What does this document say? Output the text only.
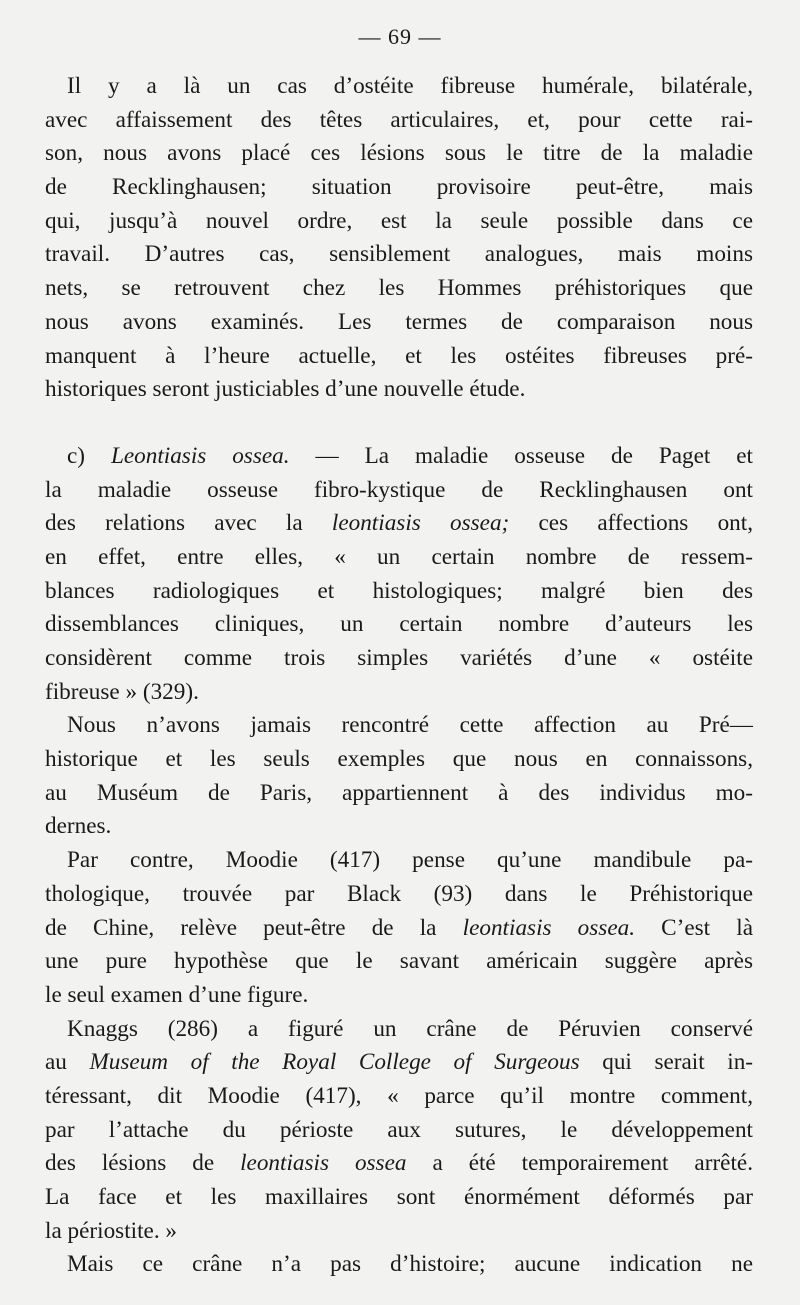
— 69 —
Il y a là un cas d’ostéite fibreuse humérale, bilatérale,
avec affaissement des têtes articulaires, et, pour cette rai-
son, nous avons placé ces lésions sous le titre de la maladie
de Recklinghausen; situation provisoire peut-être, mais
qui, jusqu’à nouvel ordre, est la seule possible dans ce
travail. D’autres cas, sensiblement analogues, mais moins
nets, se retrouvent chez les Hommes préhistoriques que
nous avons examinés. Les termes de comparaison nous
manquent à l’heure actuelle, et les ostéites fibreuses pré-
historiques seront justiciables d’une nouvelle étude.
c) Leontiasis ossea. — La maladie osseuse de Paget et
la maladie osseuse fibro-kystique de Recklinghausen ont
des relations avec la leontiasis ossea; ces affections ont,
en effet, entre elles, « un certain nombre de ressem-
blances radiologiques et histologiques; malgré bien des
dissemblances cliniques, un certain nombre d’auteurs les
considèrent comme trois simples variétés d’une « ostéite
fibreuse » (329).
Nous n’avons jamais rencontré cette affection au Pré—
historique et les seuls exemples que nous en connaissons,
au Muséum de Paris, appartiennent à des individus mo-
dernes.
Par contre, Moodie (417) pense qu’une mandibule pa-
thologique, trouvée par Black (93) dans le Préhistorique
de Chine, relève peut-être de la leontiasis ossea. C’est là
une pure hypothèse que le savant américain suggère après
le seul examen d’une figure.
Knaggs (286) a figuré un crâne de Péruvien conservé
au Museum of the Royal College of Surgeous qui serait in-
téressant, dit Moodie (417), « parce qu’il montre comment,
par l’attache du périoste aux sutures, le développement
des lésions de leontiasis ossea a été temporairement arrêté.
La face et les maxillaires sont énormément déformés par
la périostite. »
Mais ce crâne n’a pas d’histoire; aucune indication ne
